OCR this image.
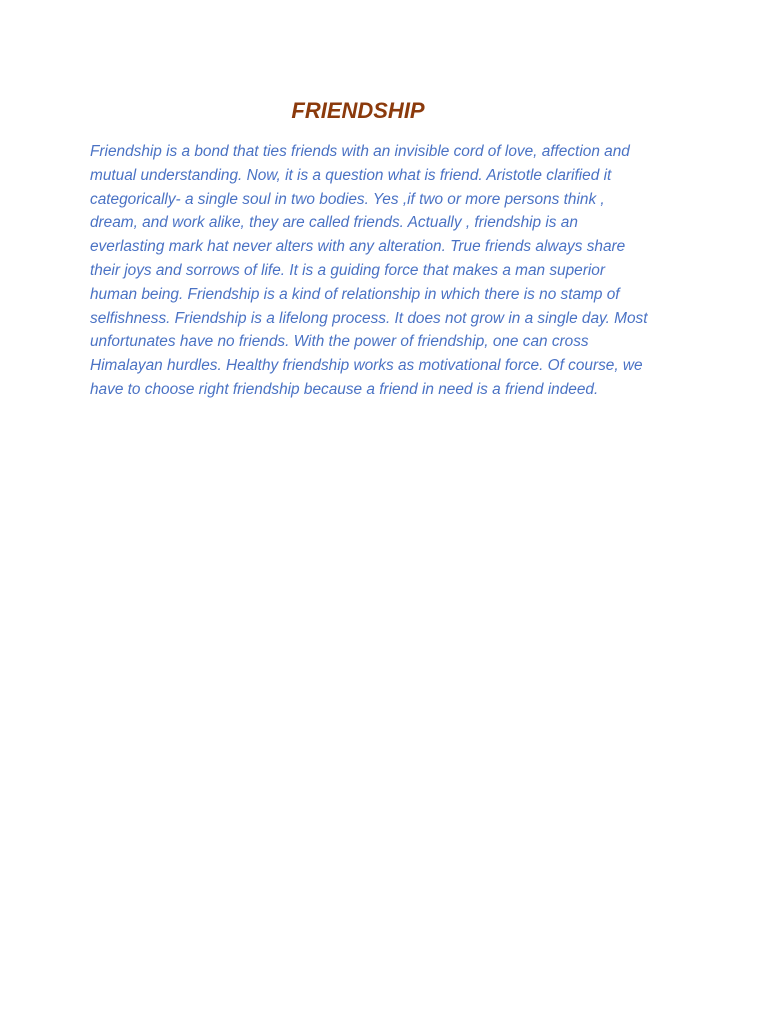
FRIENDSHIP

Friendship is a bond that ties friends with an invisible cord of love, affection and
mutual understanding. Now, it is a question what is friend. Aristotle clarified it
categorically- a single soul in two bodies. Yes ,if two or more persons think ,
dream, and work alike, they are called friends. Actually , friendship is an
everlasting mark hat never alters with any alteration. True friends always share
their joys and sorrows of life. It is a guiding force that makes a man superior
human being. Friendship is a kind of relationship in which there is no stamp of
selfishness. Friendship is a lifelong process. It does not grow in a single day. Most
unfortunates have no friends. With the power of friendship, one can cross
Himalayan hurdles. Healthy friendship works as motivational force. Of course, we
have to choose right friendship because a friend in need is a friend indeed.
